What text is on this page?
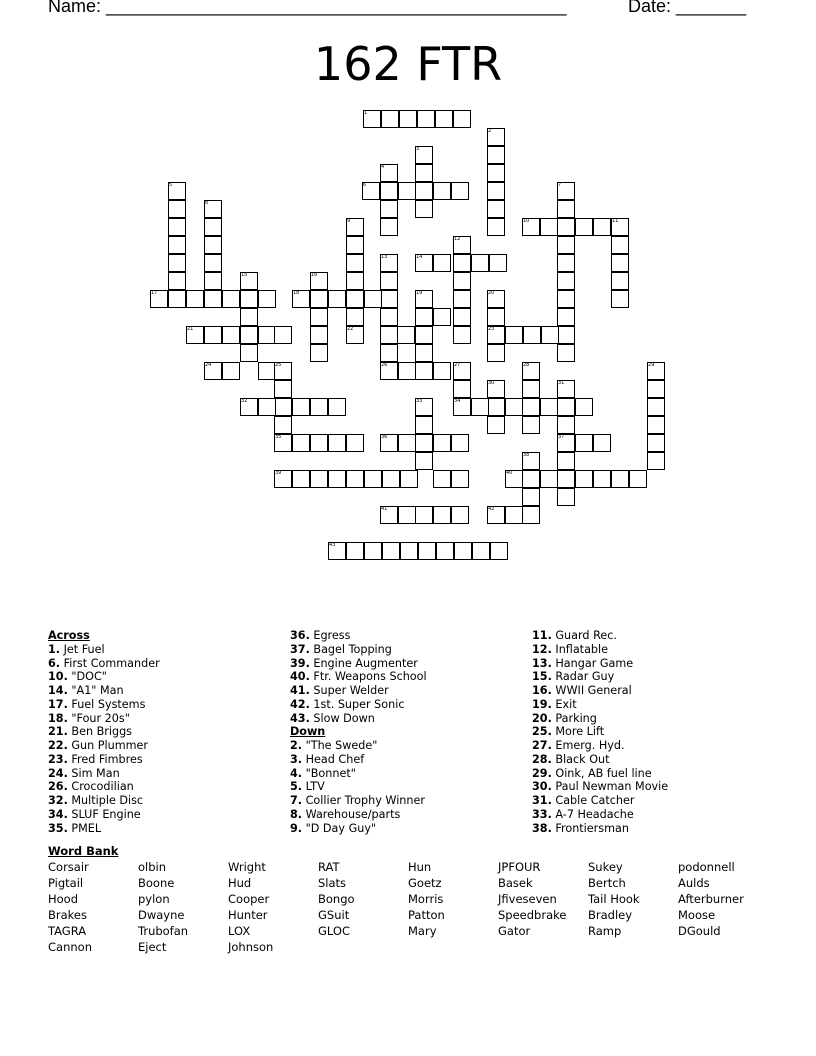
Name: ______________________________________________	Date: _______
162 FTR
1
2
3
4
5	6	7
8
9	10	11
12
13	14
15	16
17	18	19	20
21	22	23
24	25	26	27	28	29
30	31
32	33	34
35	36	37
38
39	40
41	42
43
Across
1. Jet Fuel
6. First Commander
10. "DOC"
14. "A1" Man
17. Fuel Systems
18. "Four 20s"
21. Ben Briggs
22. Gun Plummer
23. Fred Fimbres
24. Sim Man
26. Crocodilian
32. Multiple Disc
34. SLUF Engine
35. PMEL
36. Egress
37. Bagel Topping
39. Engine Augmenter
40. Ftr. Weapons School
41. Super Welder
42. 1st. Super Sonic
43. Slow Down
Down
2. "The Swede"
3. Head Chef
4. "Bonnet"
5. LTV
7. Collier Trophy Winner
8. Warehouse/parts
9. "D Day Guy"
11. Guard Rec.
12. Inflatable
13. Hangar Game
15. Radar Guy
16. WWII General
19. Exit
20. Parking
25. More Lift
27. Emerg. Hyd.
28. Black Out
29. Oink, AB fuel line
30. Paul Newman Movie
31. Cable Catcher
33. A-7 Headache
38. Frontiersman
Word Bank
Corsair	olbin	Wright	RAT	Hun	JPFOUR	Sukey	podonnell
Pigtail	Boone	Hud	Slats	Goetz	Basek	Bertch	Aulds
Hood	pylon	Cooper	Bongo	Morris	Jfiveseven	Tail Hook	Afterburner
Brakes	Dwayne	Hunter	GSuit	Patton	Speedbrake	Bradley	Moose
TAGRA	Trubofan	LOX	GLOC	Mary	Gator	Ramp	DGould
Cannon	Eject	Johnson
